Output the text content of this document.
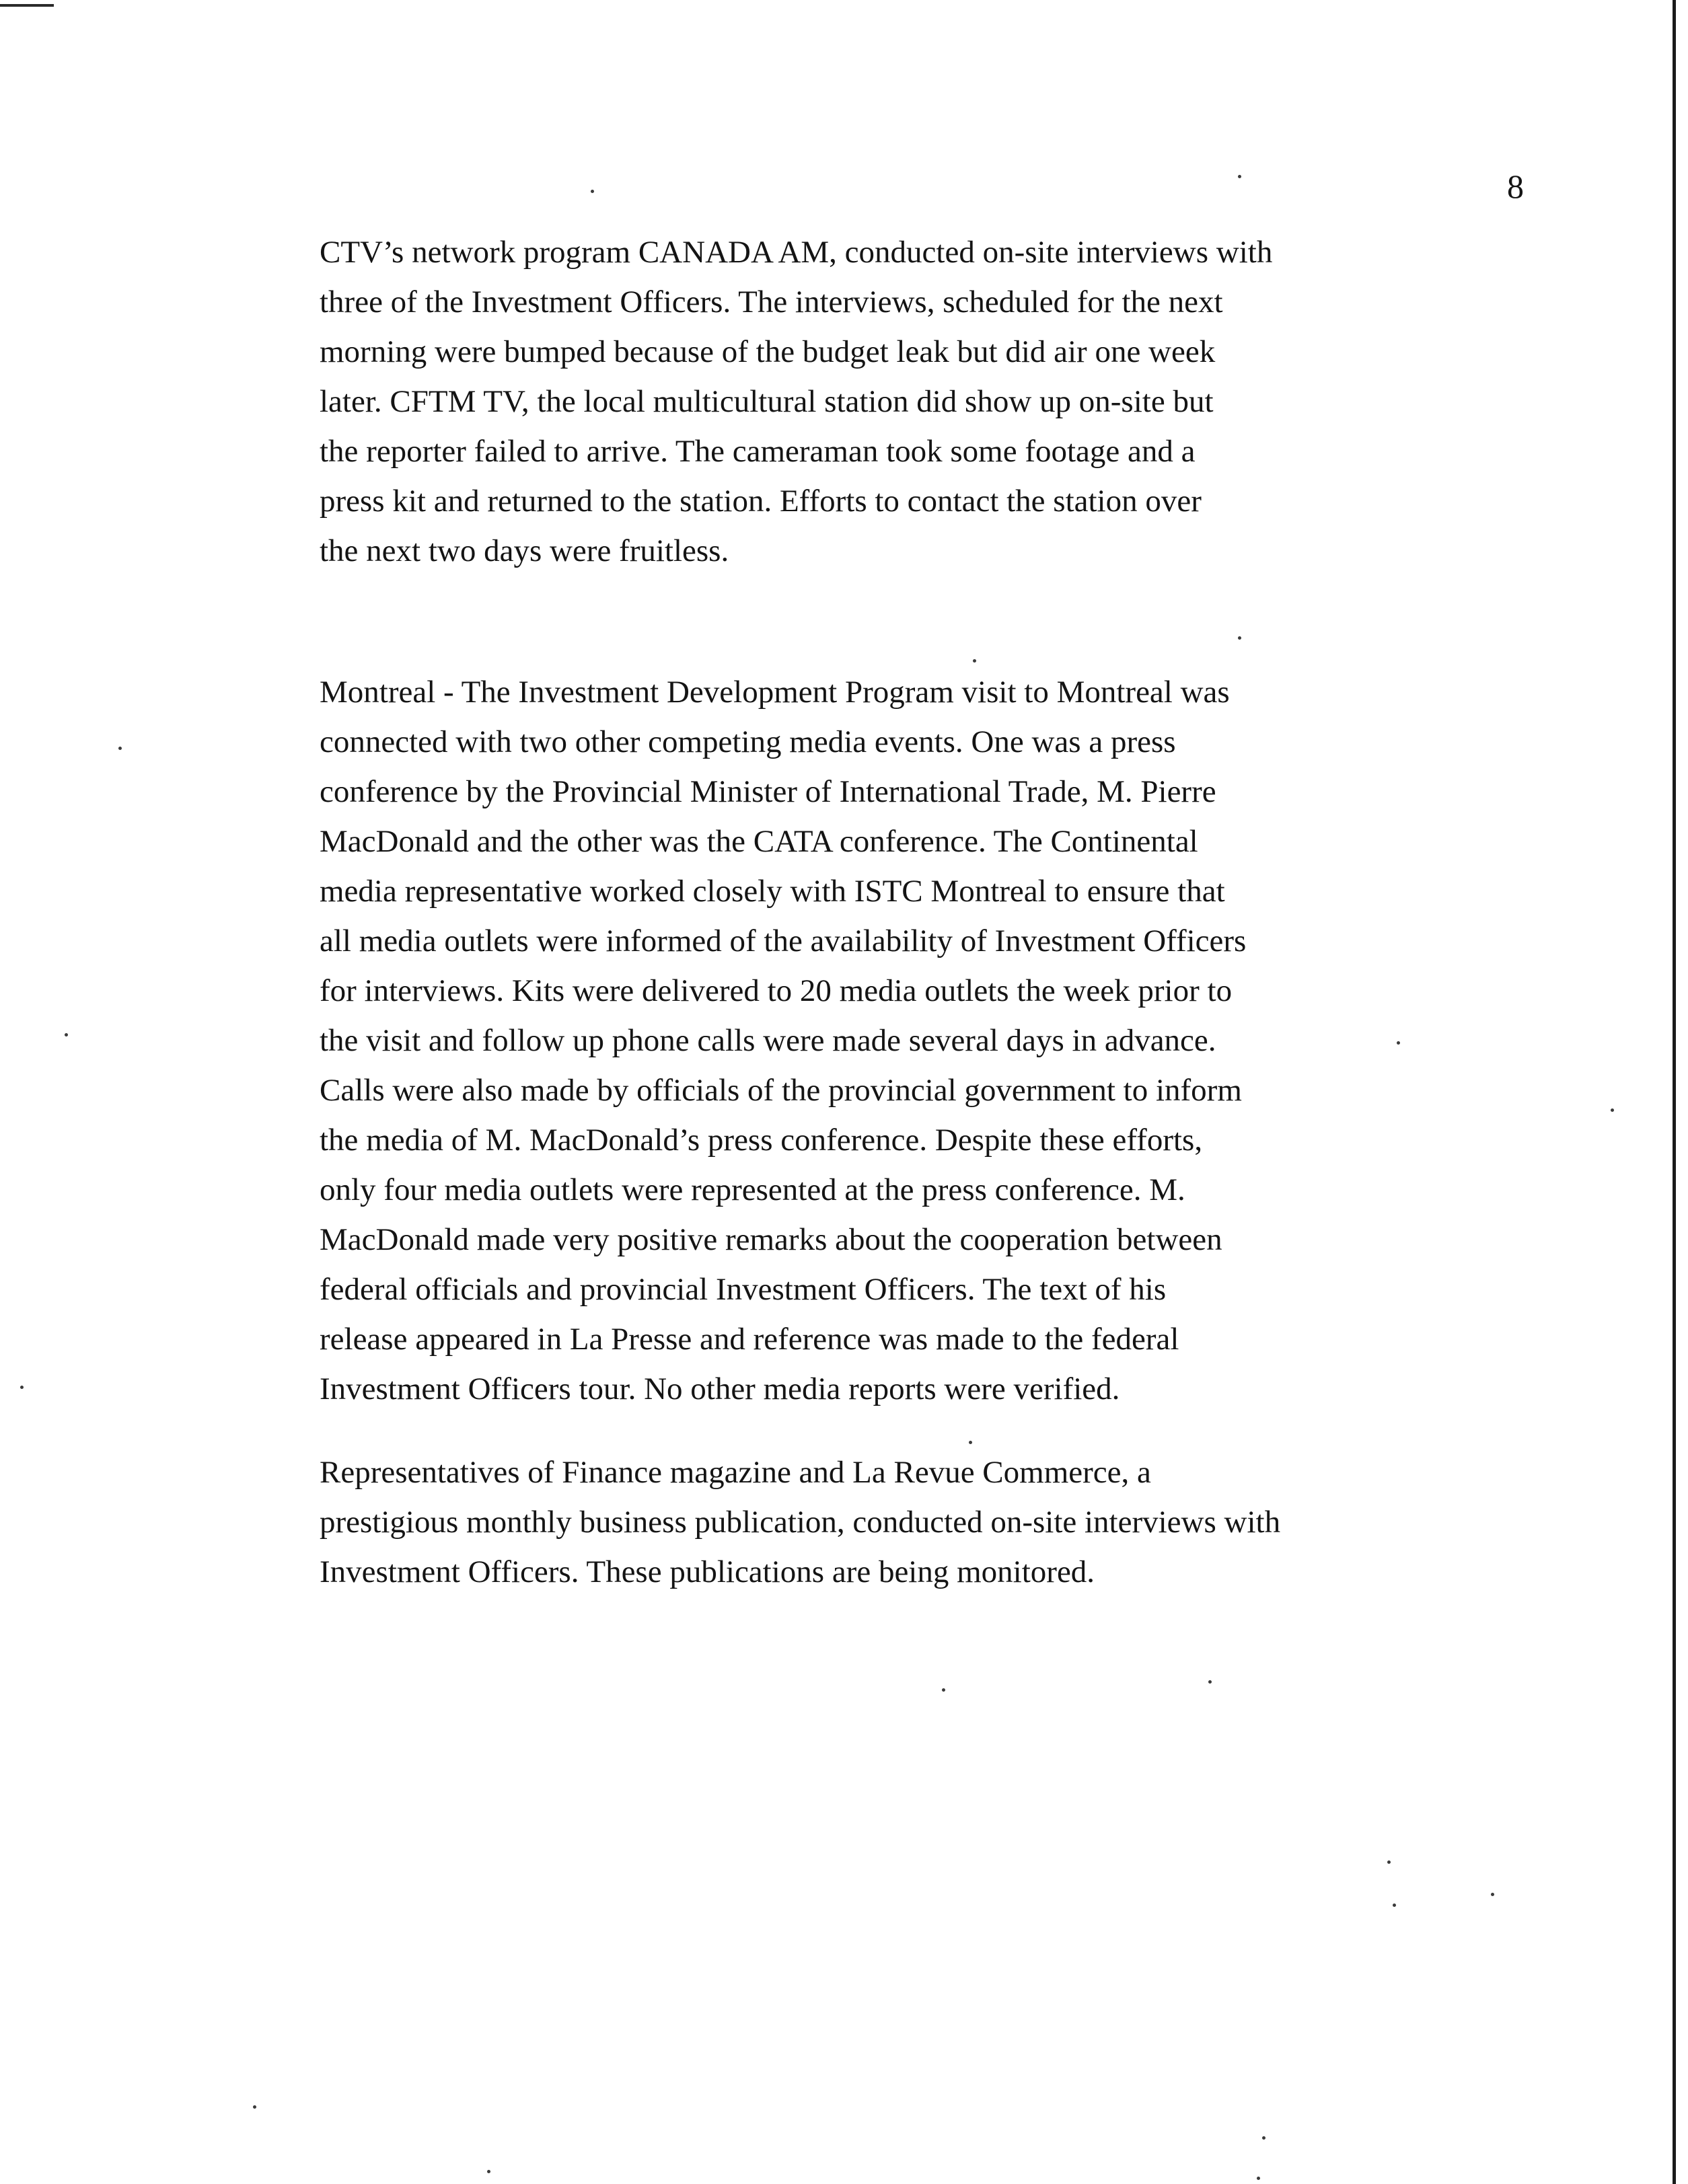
8

CTV’s network program CANADA AM, conducted on-site interviews with
three of the Investment Officers. The interviews, scheduled for the next
morning were bumped because of the budget leak but did air one week
later. CFTM TV, the local multicultural station did show up on-site but
the reporter failed to arrive. The cameraman took some footage and a
press kit and returned to the station. Efforts to contact the station over
the next two days were fruitless.

Montreal - The Investment Development Program visit to Montreal was
connected with two other competing media events. One was a press
conference by the Provincial Minister of International Trade, M. Pierre
MacDonald and the other was the CATA conference. The Continental
media representative worked closely with ISTC Montreal to ensure that
all media outlets were informed of the availability of Investment Officers
for interviews. Kits were delivered to 20 media outlets the week prior to
the visit and follow up phone calls were made several days in advance.
Calls were also made by officials of the provincial government to inform
the media of M. MacDonald’s press conference. Despite these efforts,
only four media outlets were represented at the press conference. M.
MacDonald made very positive remarks about the cooperation between
federal officials and provincial Investment Officers. The text of his
release appeared in La Presse and reference was made to the federal
Investment Officers tour. No other media reports were verified.

Representatives of Finance magazine and La Revue Commerce, a
prestigious monthly business publication, conducted on-site interviews with
Investment Officers. These publications are being monitored.
